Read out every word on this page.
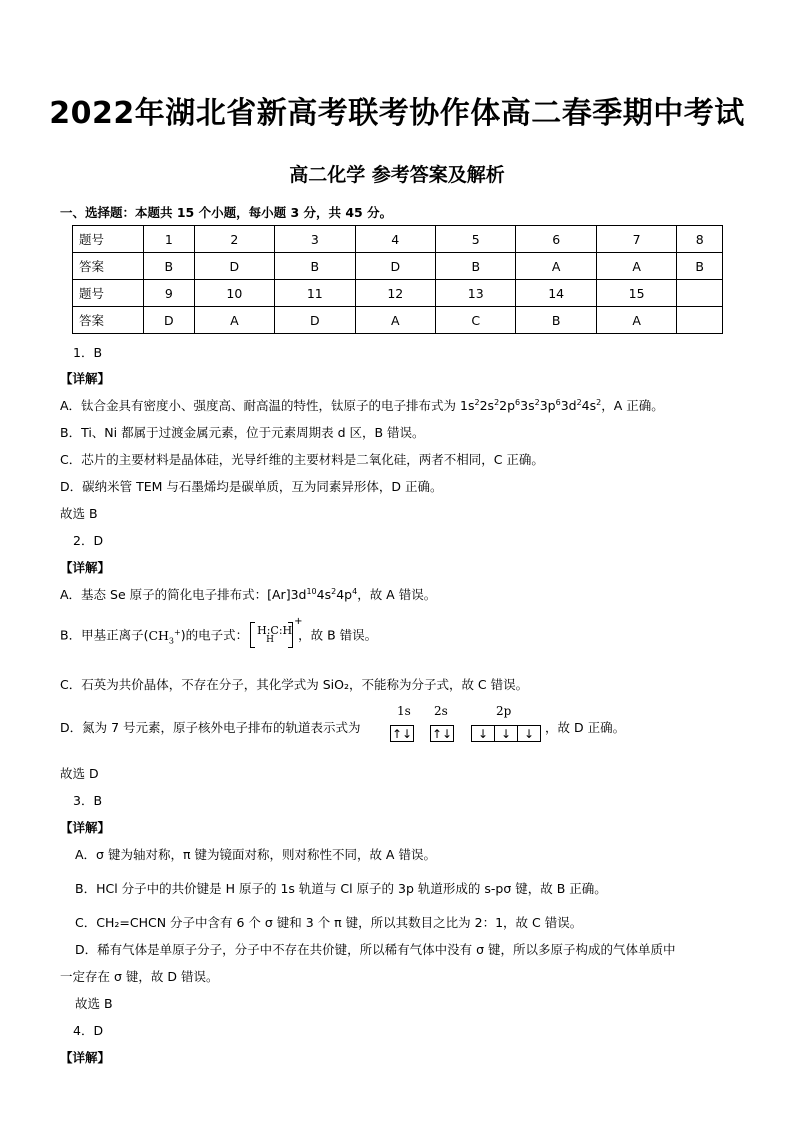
2022年湖北省新高考联考协作体高二春季期中考试
高二化学 参考答案及解析
一、选择题：本题共 15 个小题，每小题 3 分，共 45 分。
题号	1	2	3	4	5	6	7	8
答案	B	D	B	D	B	A	A	B
题号	9	10	11	12	13	14	15	
答案	D	A	D	A	C	B	A	
1．B
【详解】
A．钛合金具有密度小、强度高、耐高温的特性，钛原子的电子排布式为 $1s^22s^22p^63s^23p^63d^24s^2$，A 正确。
B．Ti、Ni 都属于过渡金属元素，位于元素周期表 d 区，B 错误。
C．芯片的主要材料是晶体硅，光导纤维的主要材料是二氧化硅，两者不相同，C 正确。
D．碳纳米管 TEM 与石墨烯均是碳单质，互为同素异形体，D 正确。
故选 B
2．D
【详解】
A．基态 Se 原子的简化电子排布式：$[Ar]3d^{10}4s^24p^4$，故 A 错误。
B．甲基正离子$(CH_3^+)$的电子式： H:C:H
H
+
，故 B 错误。
C．石英为共价晶体，不存在分子，其化学式为 SiO₂，不能称为分子式，故 C 错误。
D．氮为 7 号元素，原子核外电子排布的轨道表示式为
1s 2s	2p
↑↓ ↑↓	↓	↓	↓ ，故 D 正确。
故选 D
3．B
【详解】
A．σ 键为轴对称，π 键为镜面对称，则对称性不同，故 A 错误。
B．HCl 分子中的共价键是 H 原子的 1s 轨道与 Cl 原子的 3p 轨道形成的 s-pσ 键，故 B 正确。
C．CH₂=CHCN 分子中含有 6 个 σ 键和 3 个 π 键，所以其数目之比为 2：1，故 C 错误。
D．稀有气体是单原子分子，分子中不存在共价键，所以稀有气体中没有 σ 键，所以多原子构成的气体单质中
一定存在 σ 键，故 D 错误。
故选 B
4．D
【详解】
